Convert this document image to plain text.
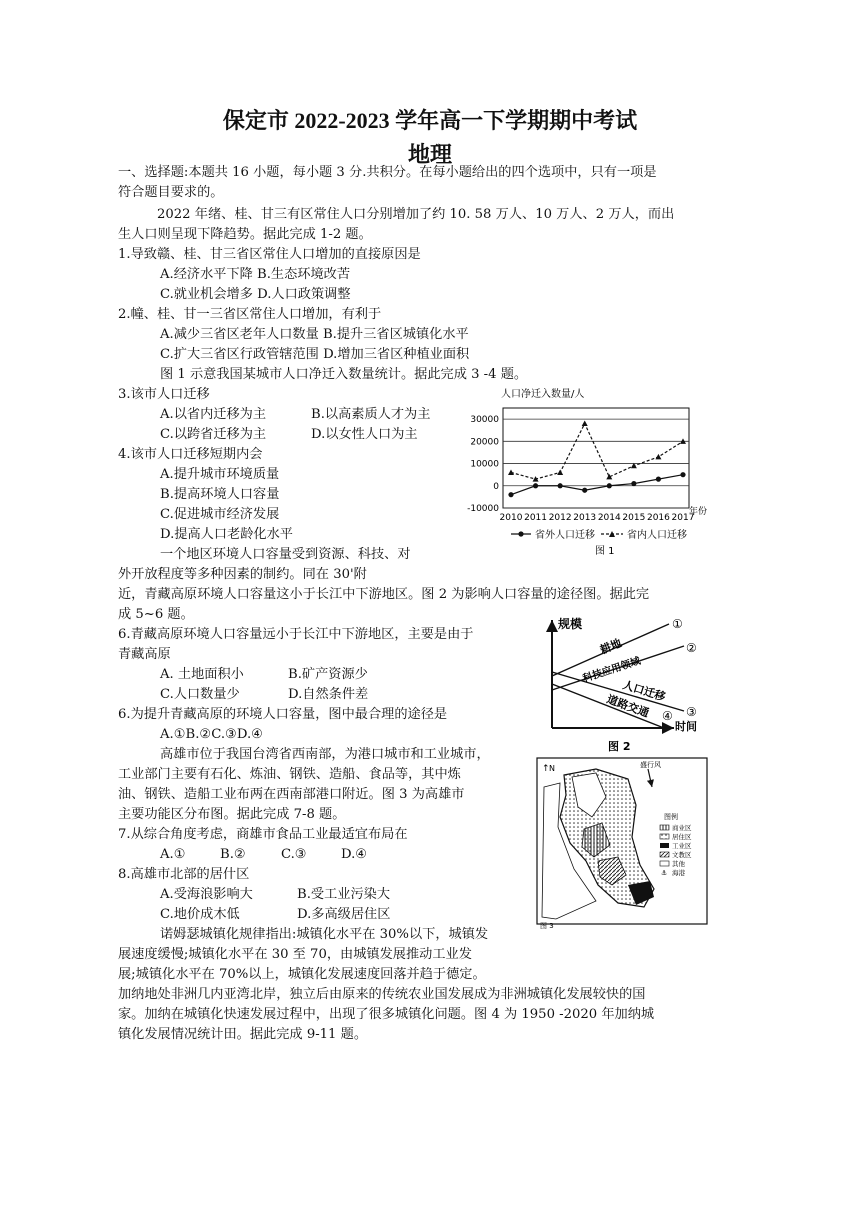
保定市 2022-2023 学年高一下学期期中考试
地理
一、选择题:本题共 16 小题，每小题 3 分.共积分。在每小题给出的四个选项中，只有一项是
符合题目要求的。
2022 年绪、桂、甘三有区常住人口分别增加了约 10. 58 万人、10 万人、2 万人，而出
生人口则呈现下降趋势。据此完成 1-2 题。
1.导致赣、桂、甘三省区常住人口增加的直接原因是
A.经济水平下降 B.生态环境改苦
C.就业机会增多 D.人口政策调整
2.幢、桂、甘一三省区常住人口增加，有利于
A.减少三省区老年人口数量 B.提升三省区城镇化水平
C.扩大三省区行政管辖范围 D.增加三省区种植业面积
图 1 示意我国某城市人口净迁入数量统计。据此完成 3 -4 题。
3.该市人口迁移
A.以省内迁移为主	B.以高素质人才为主
C.以跨省迁移为主	D.以女性人口为主
4.该市人口迁移短期内会
A.提升城市环境质量
B.提高环境人口容量
C.促进城市经济发展
D.提高人口老龄化水平
一个地区环境人口容量受到资源、科技、对
外开放程度等多种因素的制约。同在 30'附
近，青藏高原环境人口容量这小于长江中下游地区。图 2 为影响人口容量的途径图。据此完
成 5~6 题。
6.青藏高原环境人口容量远小于长江中下游地区，主要是由于
青藏高原
A. 土地面积小	B.矿产资源少
C.人口数量少	D.自然条件差
6.为提升青藏高原的环境人口容量，图中最合理的途径是
A.①B.②C.③D.④
高雄市位于我国台湾省西南部，为港口城市和工业城市，
工业部门主要有石化、炼油、钢铁、造船、食品等，其中炼
油、钢铁、造船工业布两在西南部港口附近。图 3 为高雄市
主要功能区分布图。据此完成 7-8 题。
7.从综合角度考虑，商雄市食品工业最适宜布局在
A.①	B.②	C.③	D.④
8.高雄市北部的居什区
A.受海浪影响大	B.受工业污染大
C.地价成木低	D.多高级居住区
诺姆瑟城镇化规律指出:城镇化水平在 30%以下，城镇发
展速度缓慢;城镇化水平在 30 至 70，由城镇发展推动工业发
展;城镇化水平在 70%以上，城镇化发展速度回落并趋于德定。
加纳地处非洲几内亚湾北岸，独立后由原来的传统农业国发展成为非洲城镇化发展较快的国
家。加纳在城镇化快速发展过程中，出现了很多城镇化问题。图 4 为 1950 -2020 年加纳城
镇化发展情况统计田。据此完成 9-11 题。
人口净迁入数量/人
30000
20000
10000
0
-10000
2010 2011 2012 2013 2014 2015 2016 2017
年份
省外人口迁移	省内人口迁移
图 1
规模
时间
耕地
科技应用领域
人口迁移
道路交通
①
②
③
④
图 2
↑ N	盛行风
图例
商业区
居住区
工业区
文教区
其他
⚓ 海港
图 3
